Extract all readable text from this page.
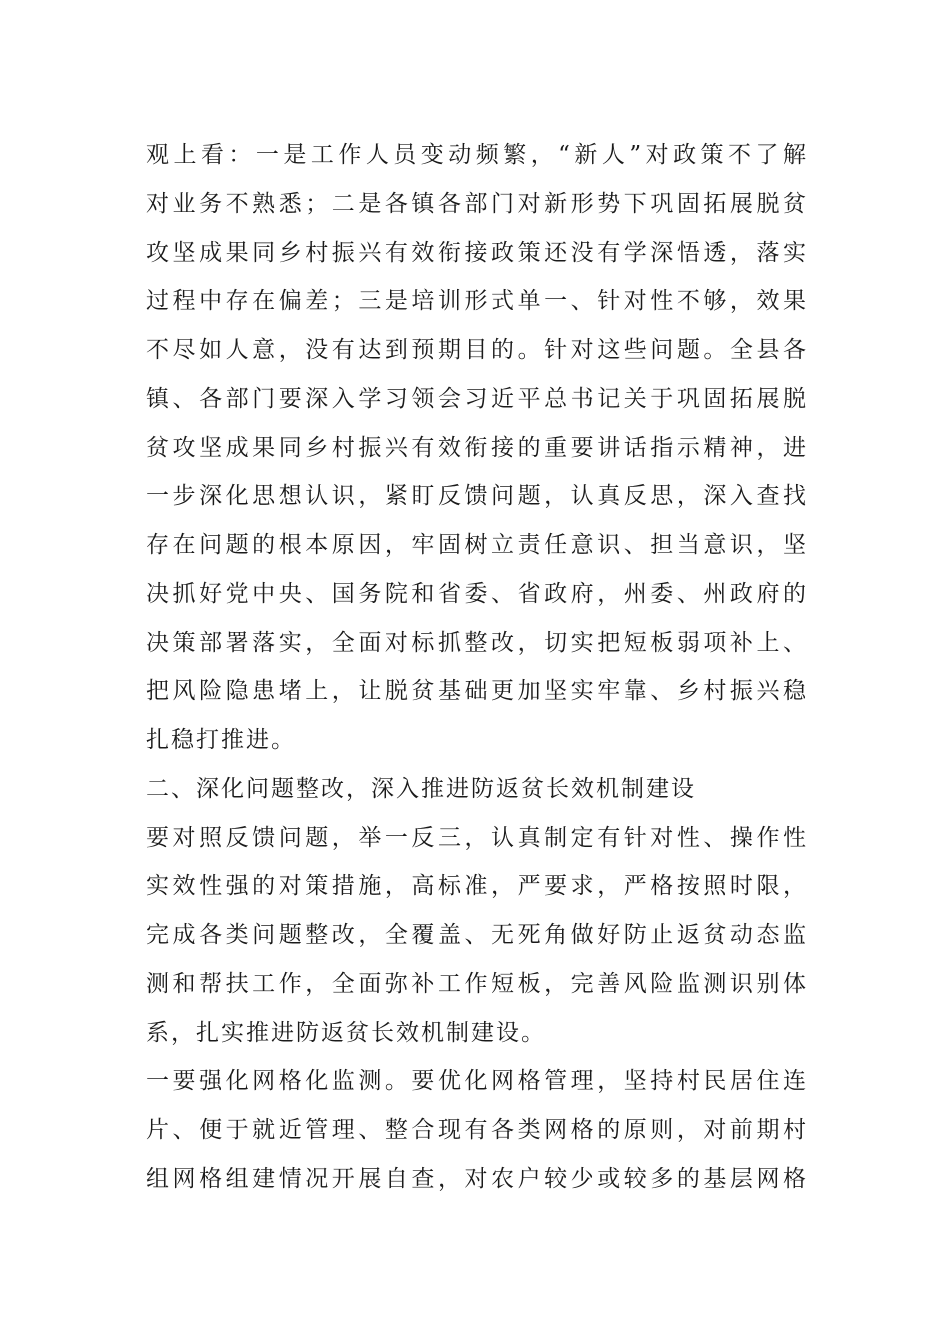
观上看：一是工作人员变动频繁，“新人”对政策不了解
对业务不熟悉；二是各镇各部门对新形势下巩固拓展脱贫
攻坚成果同乡村振兴有效衔接政策还没有学深悟透，落实
过程中存在偏差；三是培训形式单一、针对性不够，效果
不尽如人意，没有达到预期目的。针对这些问题。全县各
镇、各部门要深入学习领会习近平总书记关于巩固拓展脱
贫攻坚成果同乡村振兴有效衔接的重要讲话指示精神，进
一步深化思想认识，紧盯反馈问题，认真反思，深入查找
存在问题的根本原因，牢固树立责任意识、担当意识，坚
决抓好党中央、国务院和省委、省政府，州委、州政府的
决策部署落实，全面对标抓整改，切实把短板弱项补上、
把风险隐患堵上，让脱贫基础更加坚实牢靠、乡村振兴稳
扎稳打推进。
二、深化问题整改，深入推进防返贫长效机制建设
要对照反馈问题，举一反三，认真制定有针对性、操作性
实效性强的对策措施，高标准，严要求，严格按照时限，
完成各类问题整改，全覆盖、无死角做好防止返贫动态监
测和帮扶工作，全面弥补工作短板，完善风险监测识别体
系，扎实推进防返贫长效机制建设。
一要强化网格化监测。要优化网格管理，坚持村民居住连
片、便于就近管理、整合现有各类网格的原则，对前期村
组网格组建情况开展自查，对农户较少或较多的基层网格
